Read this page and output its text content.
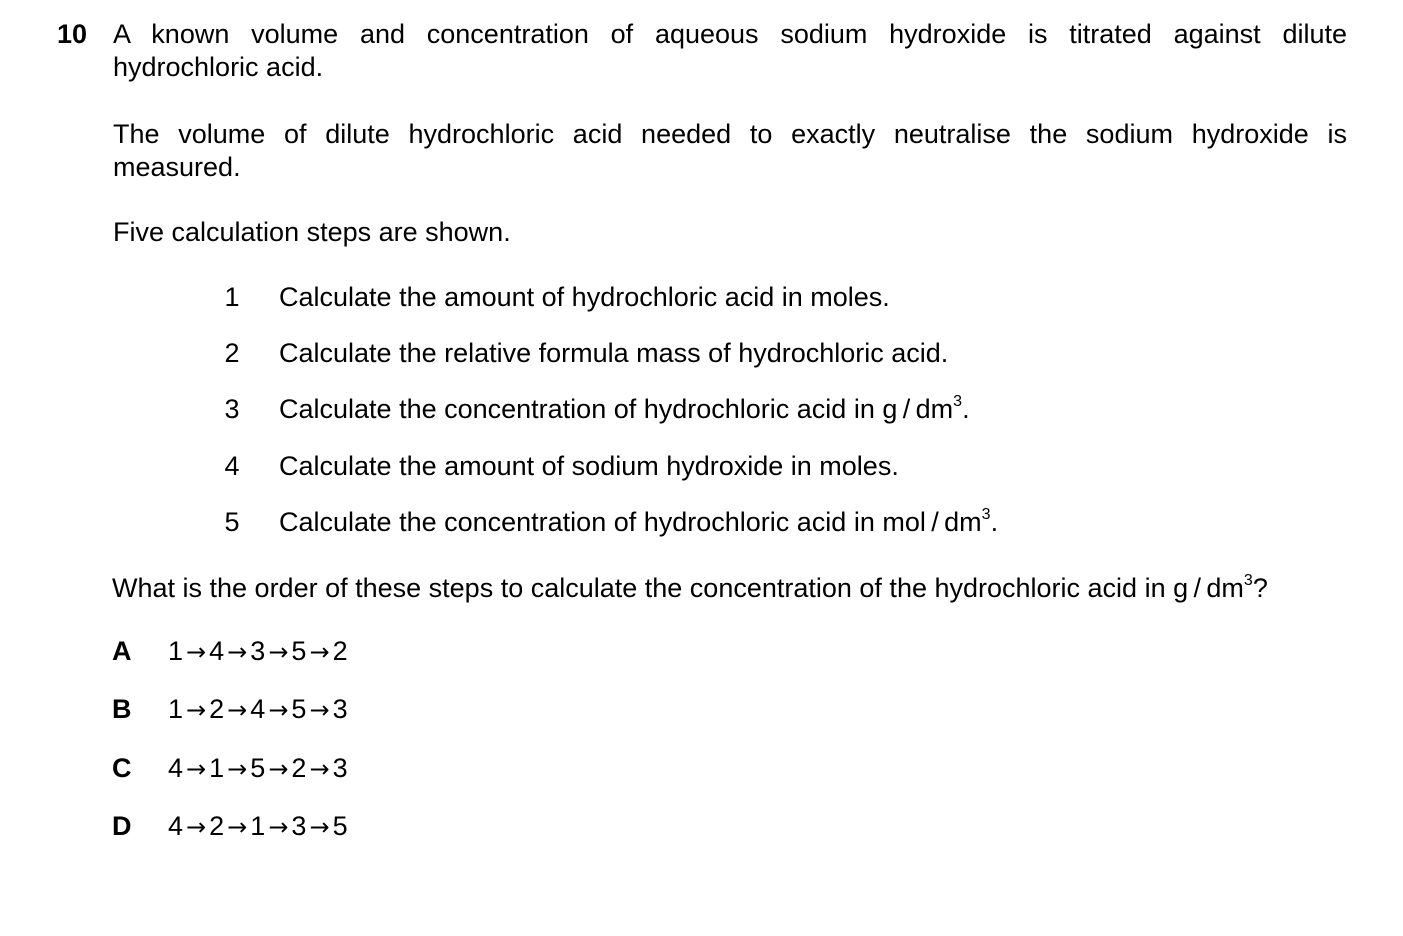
10 A known volume and concentration of aqueous sodium hydroxide is titrated against dilute
hydrochloric acid.
The volume of dilute hydrochloric acid needed to exactly neutralise the sodium hydroxide is
measured.
Five calculation steps are shown.
1 Calculate the amount of hydrochloric acid in moles.
2 Calculate the relative formula mass of hydrochloric acid.
3 Calculate the concentration of hydrochloric acid in g / $dm^3$.
4 Calculate the amount of sodium hydroxide in moles.
5 Calculate the concentration of hydrochloric acid in mol / $dm^3$.
What is the order of these steps to calculate the concentration of the hydrochloric acid in g / $dm^3$?
A 1 → 4 → 3 → 5 → 2
B 1 → 2 → 4 → 5 → 3
C 4 → 1 → 5 → 2 → 3
D 4 → 2 → 1 → 3 → 5
